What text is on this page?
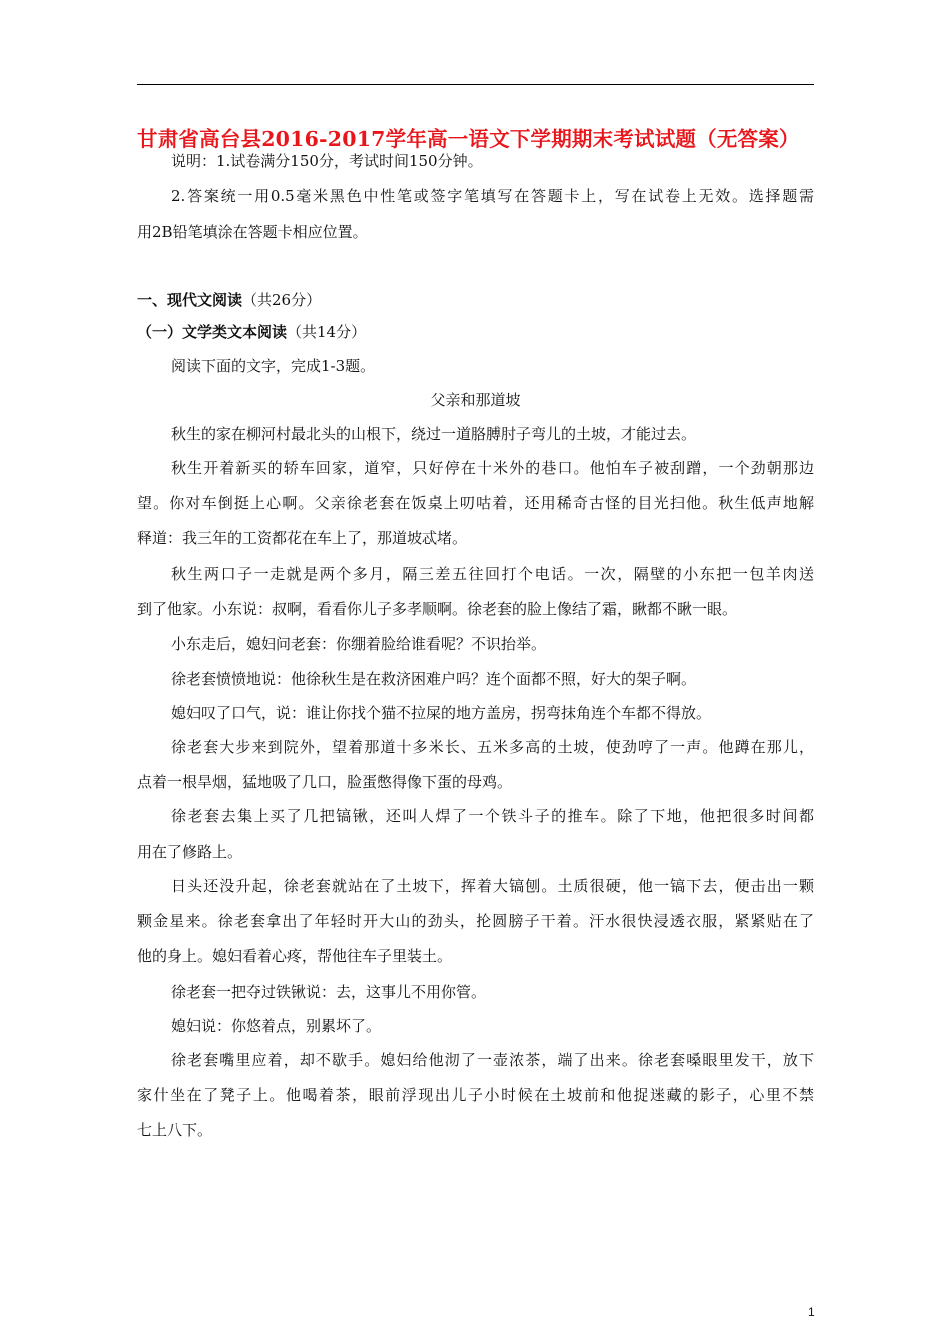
甘肃省高台县2016-2017学年高一语文下学期期末考试试题（无答案）
说明：1.试卷满分150分，考试时间150分钟。
2.答案统一用0.5毫米黑色中性笔或签字笔填写在答题卡上，写在试卷上无效。选择题需
用2B铅笔填涂在答题卡相应位置。
一、现代文阅读（共26分）
（一）文学类文本阅读（共14分）
阅读下面的文字，完成1-3题。
父亲和那道坡
秋生的家在柳河村最北头的山根下，绕过一道胳膊肘子弯儿的土坡，才能过去。
秋生开着新买的轿车回家，道窄，只好停在十米外的巷口。他怕车子被刮蹭，一个劲朝那边
望。你对车倒挺上心啊。父亲徐老套在饭桌上叨咕着，还用稀奇古怪的目光扫他。秋生低声地解
释道：我三年的工资都花在车上了，那道坡忒堵。
秋生两口子一走就是两个多月，隔三差五往回打个电话。一次，隔壁的小东把一包羊肉送
到了他家。小东说：叔啊，看看你儿子多孝顺啊。徐老套的脸上像结了霜，瞅都不瞅一眼。
小东走后，媳妇问老套：你绷着脸给谁看呢？不识抬举。
徐老套愤愤地说：他徐秋生是在救济困难户吗？连个面都不照，好大的架子啊。
媳妇叹了口气，说：谁让你找个猫不拉屎的地方盖房，拐弯抹角连个车都不得放。
徐老套大步来到院外，望着那道十多米长、五米多高的土坡，使劲哼了一声。他蹲在那儿，
点着一根旱烟，猛地吸了几口，脸蛋憋得像下蛋的母鸡。
徐老套去集上买了几把镐锹，还叫人焊了一个铁斗子的推车。除了下地，他把很多时间都
用在了修路上。
日头还没升起，徐老套就站在了土坡下，挥着大镐刨。土质很硬，他一镐下去，便击出一颗
颗金星来。徐老套拿出了年轻时开大山的劲头，抡圆膀子干着。汗水很快浸透衣服，紧紧贴在了
他的身上。媳妇看着心疼，帮他往车子里装土。
徐老套一把夺过铁锹说：去，这事儿不用你管。
媳妇说：你悠着点，别累坏了。
徐老套嘴里应着，却不歇手。媳妇给他沏了一壶浓茶，端了出来。徐老套嗓眼里发干，放下
家什坐在了凳子上。他喝着茶，眼前浮现出儿子小时候在土坡前和他捉迷藏的影子，心里不禁
七上八下。
1
